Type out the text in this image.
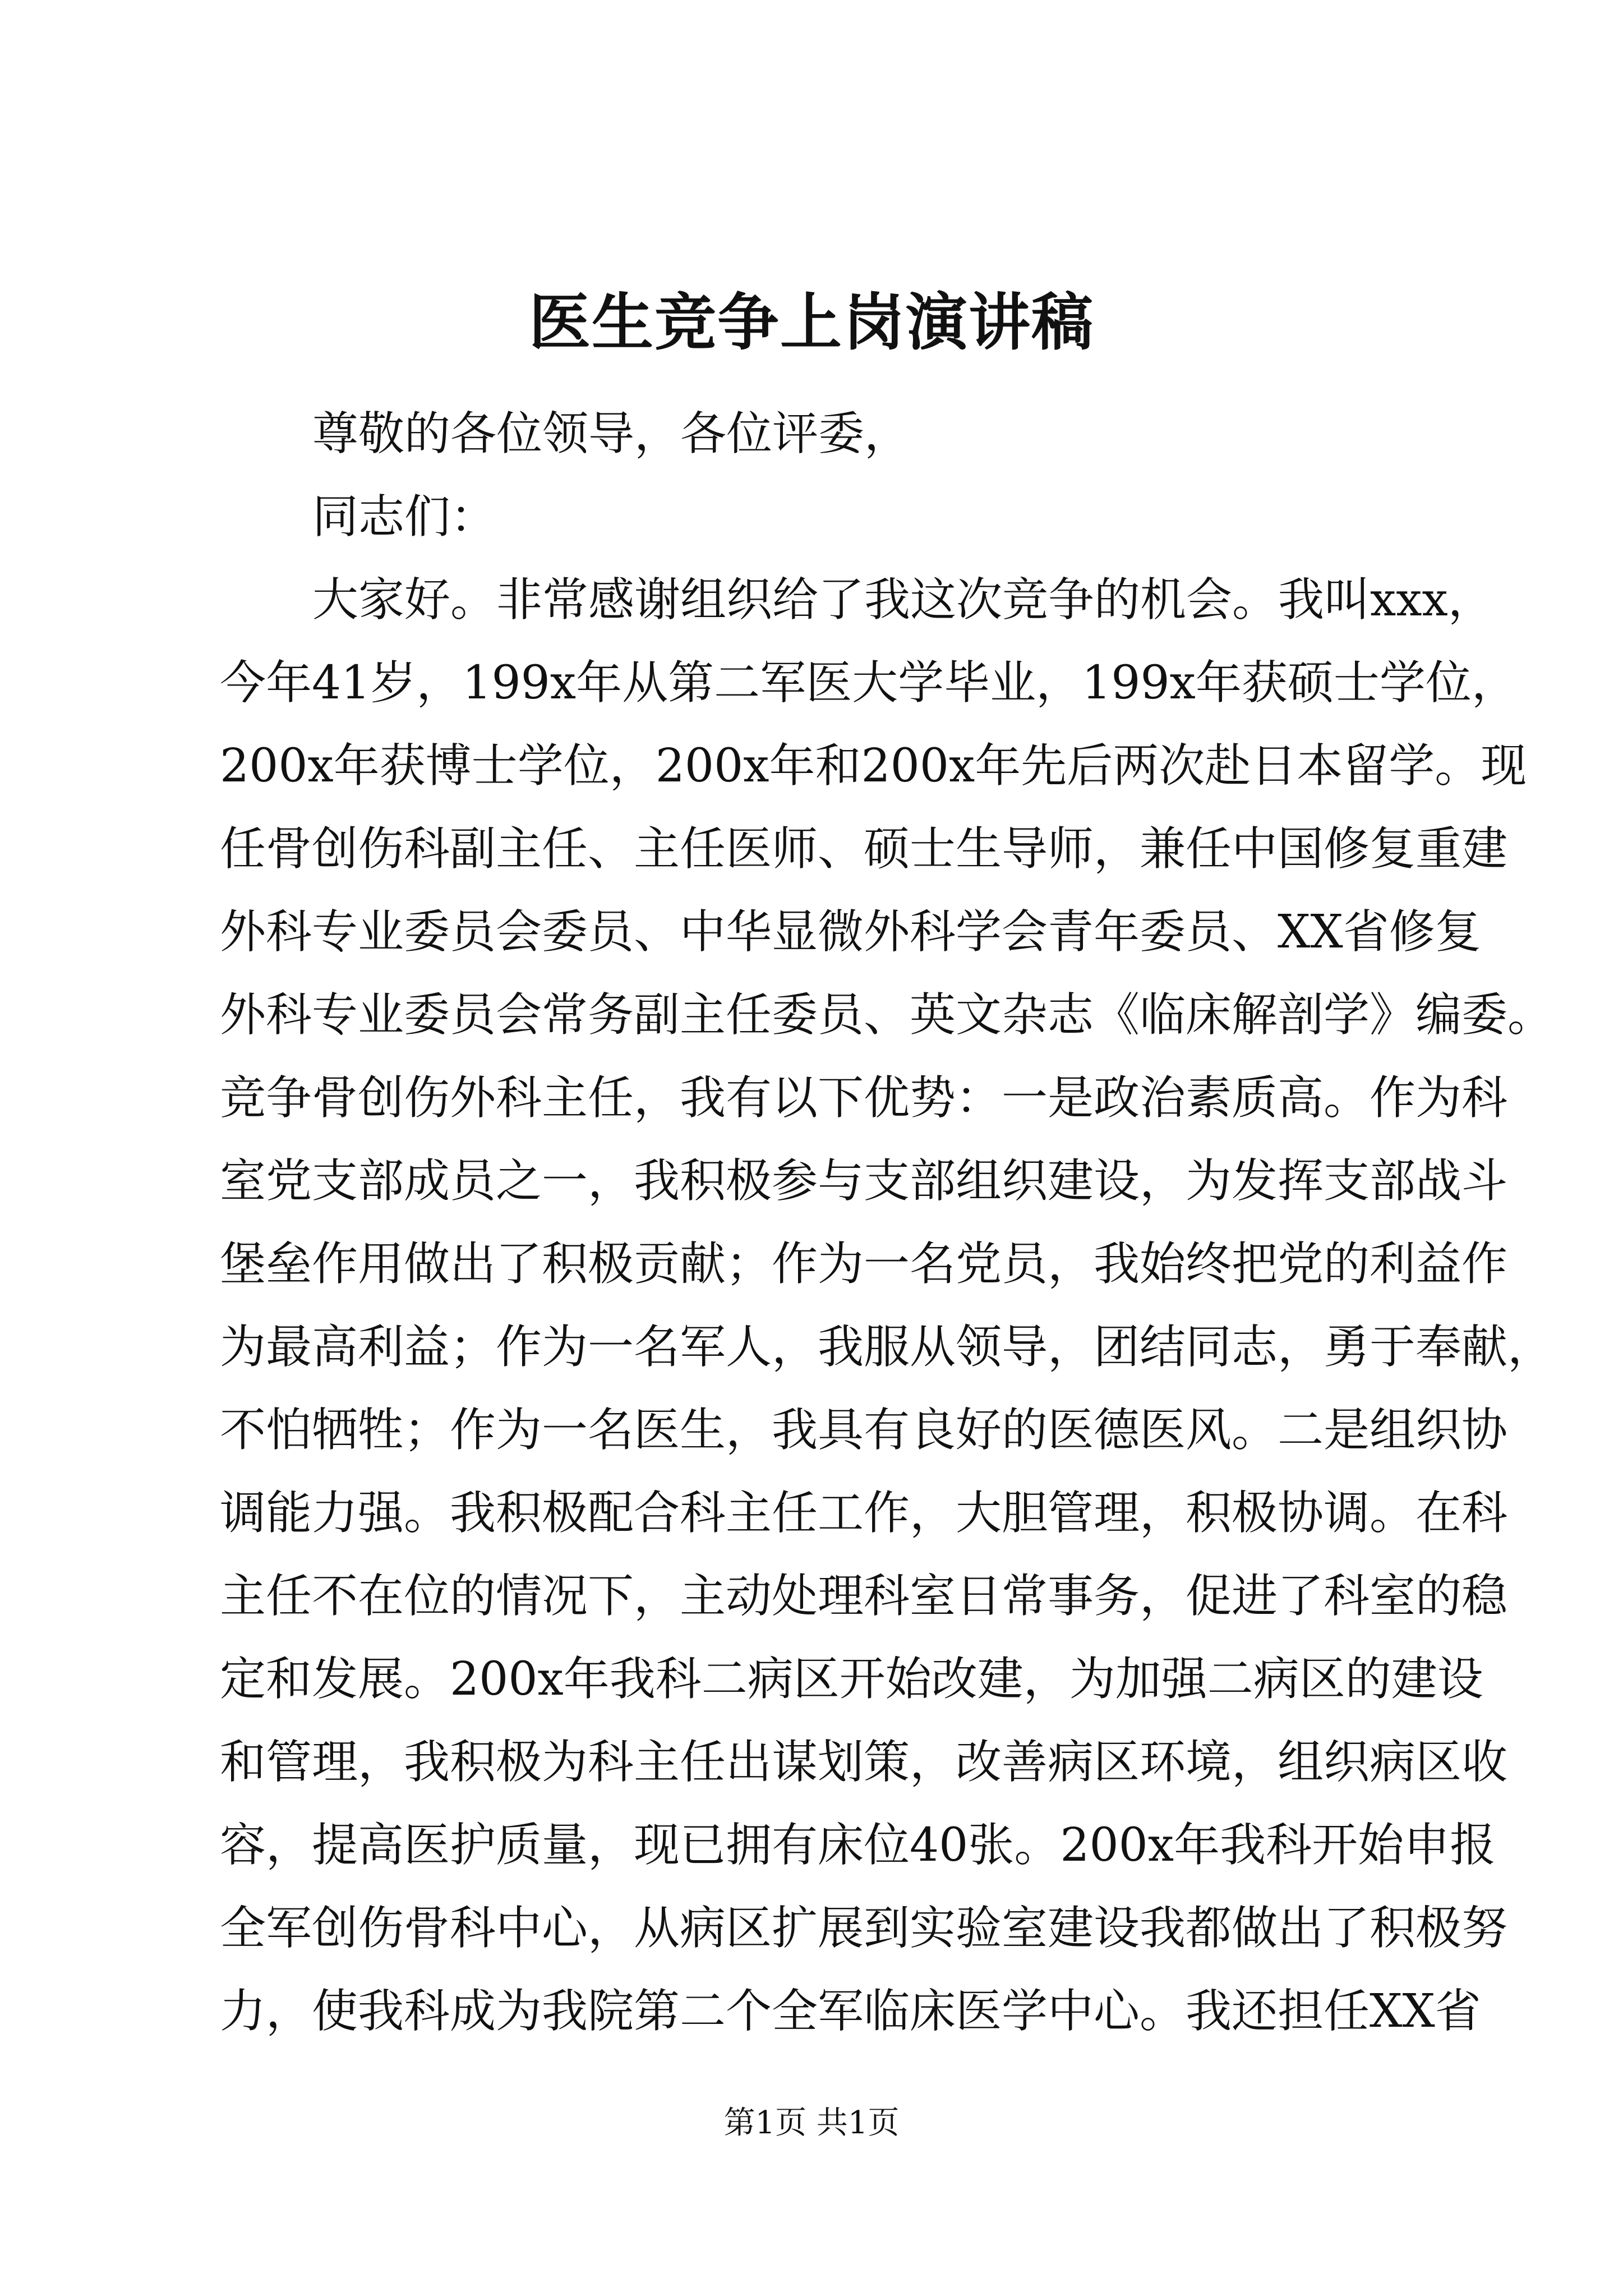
医生竞争上岗演讲稿
尊敬的各位领导，各位评委，
同志们：
大家好。非常感谢组织给了我这次竞争的机会。我叫xxx，
今年41岁，199x年从第二军医大学毕业，199x年获硕士学位，
200x年获博士学位，200x年和200x年先后两次赴日本留学。现
任骨创伤科副主任、主任医师、硕士生导师，兼任中国修复重建
外科专业委员会委员、中华显微外科学会青年委员、XX省修复
外科专业委员会常务副主任委员、英文杂志《临床解剖学》编委。
竞争骨创伤外科主任，我有以下优势：一是政治素质高。作为科
室党支部成员之一，我积极参与支部组织建设，为发挥支部战斗
堡垒作用做出了积极贡献；作为一名党员，我始终把党的利益作
为最高利益；作为一名军人，我服从领导，团结同志，勇于奉献，
不怕牺牲；作为一名医生，我具有良好的医德医风。二是组织协
调能力强。我积极配合科主任工作，大胆管理，积极协调。在科
主任不在位的情况下，主动处理科室日常事务，促进了科室的稳
定和发展。200x年我科二病区开始改建，为加强二病区的建设
和管理，我积极为科主任出谋划策，改善病区环境，组织病区收
容，提高医护质量，现已拥有床位40张。200x年我科开始申报
全军创伤骨科中心，从病区扩展到实验室建设我都做出了积极努
力，使我科成为我院第二个全军临床医学中心。我还担任XX省
第1页 共1页
